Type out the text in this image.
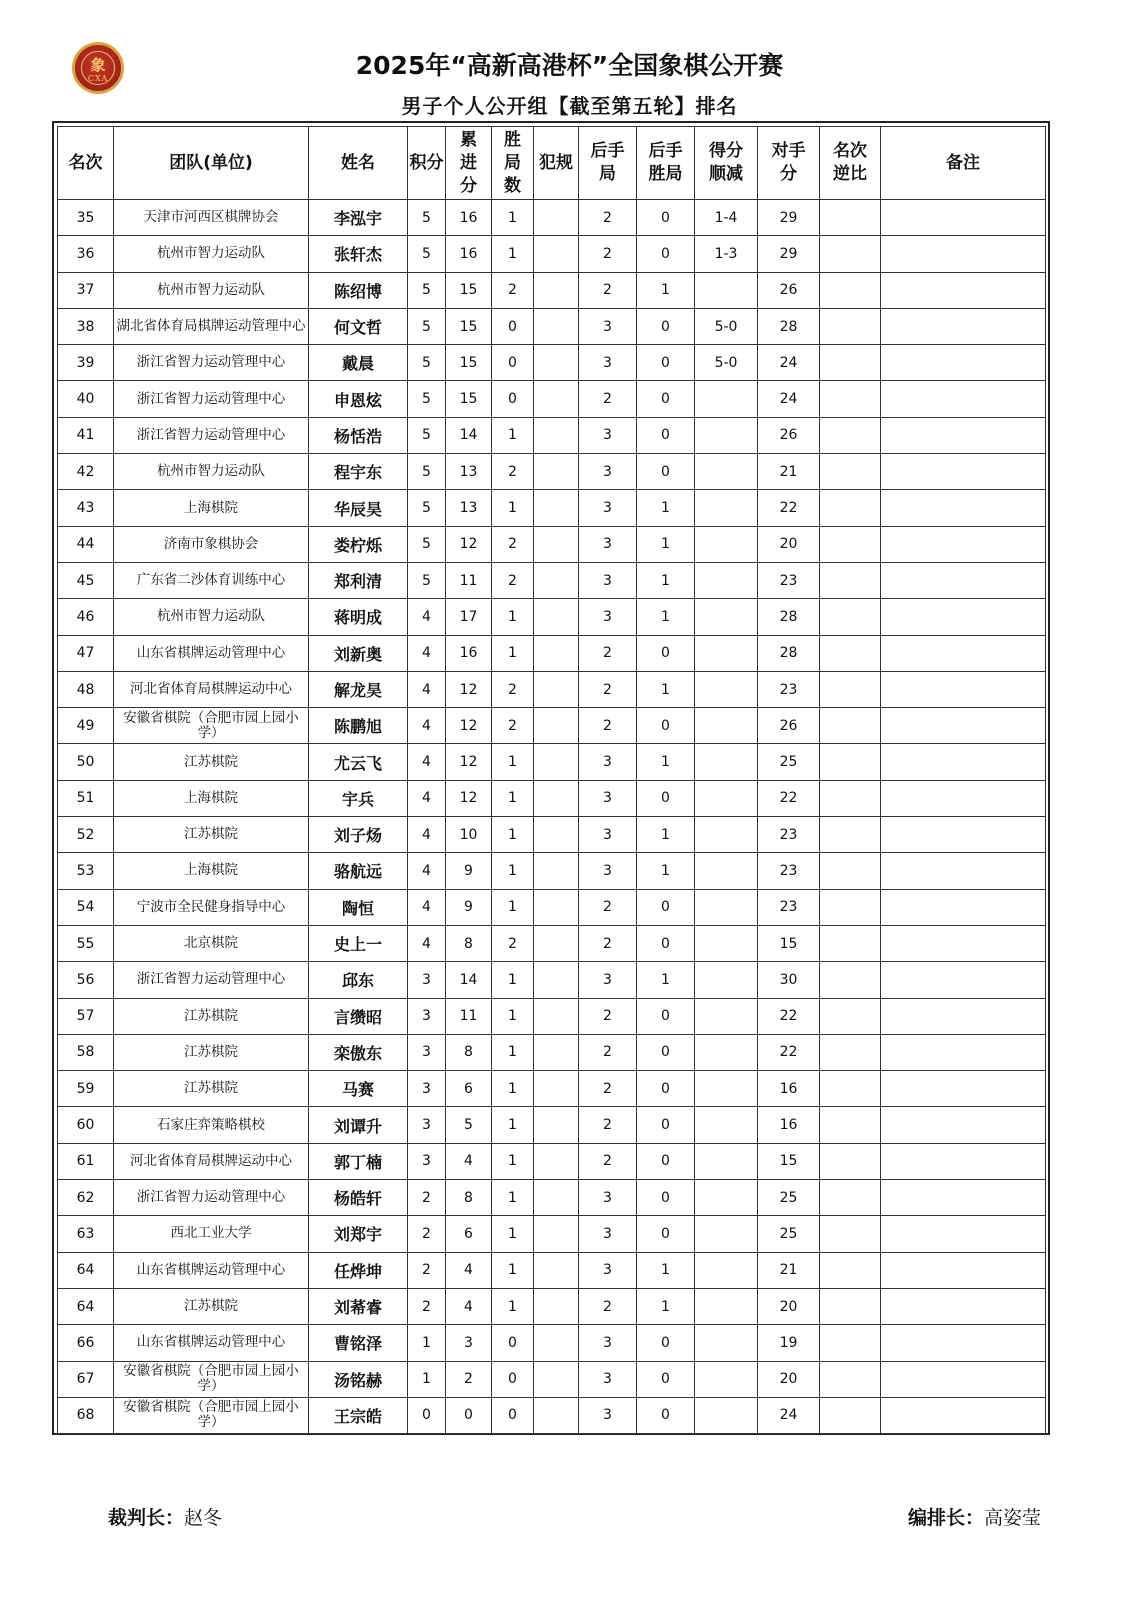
象
CXA	2025年“高新高港杯”全国象棋公开赛
男子个人公开组【截至第五轮】排名
名次	团队(单位)	姓名	积分	累
进
分	胜
局
数	犯规	后手
局	后手
胜局	得分
顺减	对手
分	名次
逆比	备注
35	天津市河西区棋牌协会	李泓宇	5	16	1		2	0	1-4	29		
36	杭州市智力运动队	张轩杰	5	16	1		2	0	1-3	29		
37	杭州市智力运动队	陈绍博	5	15	2		2	1		26		
38	湖北省体育局棋牌运动管理中心	何文哲	5	15	0		3	0	5-0	28		
39	浙江省智力运动管理中心	戴晨	5	15	0		3	0	5-0	24		
40	浙江省智力运动管理中心	申恩炫	5	15	0		2	0		24		
41	浙江省智力运动管理中心	杨恬浩	5	14	1		3	0		26		
42	杭州市智力运动队	程宇东	5	13	2		3	0		21		
43	上海棋院	华辰昊	5	13	1		3	1		22		
44	济南市象棋协会	娄柠烁	5	12	2		3	1		20		
45	广东省二沙体育训练中心	郑利清	5	11	2		3	1		23		
46	杭州市智力运动队	蒋明成	4	17	1		3	1		28		
47	山东省棋牌运动管理中心	刘新奥	4	16	1		2	0		28		
48	河北省体育局棋牌运动中心	解龙昊	4	12	2		2	1		23		
49	安徽省棋院（合肥市园上园小学）	陈鹏旭	4	12	2		2	0		26		
50	江苏棋院	尤云飞	4	12	1		3	1		25		
51	上海棋院	宇兵	4	12	1		3	0		22		
52	江苏棋院	刘子炀	4	10	1		3	1		23		
53	上海棋院	骆航远	4	9	1		3	1		23		
54	宁波市全民健身指导中心	陶恒	4	9	1		2	0		23		
55	北京棋院	史上一	4	8	2		2	0		15		
56	浙江省智力运动管理中心	邱东	3	14	1		3	1		30		
57	江苏棋院	言缵昭	3	11	1		2	0		22		
58	江苏棋院	栾傲东	3	8	1		2	0		22		
59	江苏棋院	马赛	3	6	1		2	0		16		
60	石家庄弈策略棋校	刘谭升	3	5	1		2	0		16		
61	河北省体育局棋牌运动中心	郭丁楠	3	4	1		2	0		15		
62	浙江省智力运动管理中心	杨皓轩	2	8	1		3	0		25		
63	西北工业大学	刘郑宇	2	6	1		3	0		25		
64	山东省棋牌运动管理中心	任烨坤	2	4	1		3	1		21		
64	江苏棋院	刘莃睿	2	4	1		2	1		20		
66	山东省棋牌运动管理中心	曹铭泽	1	3	0		3	0		19		
67	安徽省棋院（合肥市园上园小学）	汤铭赫	1	2	0		3	0		20		
68	安徽省棋院（合肥市园上园小学）	王宗皓	0	0	0		3	0		24		
裁判长：赵冬	编排长：高姿莹
